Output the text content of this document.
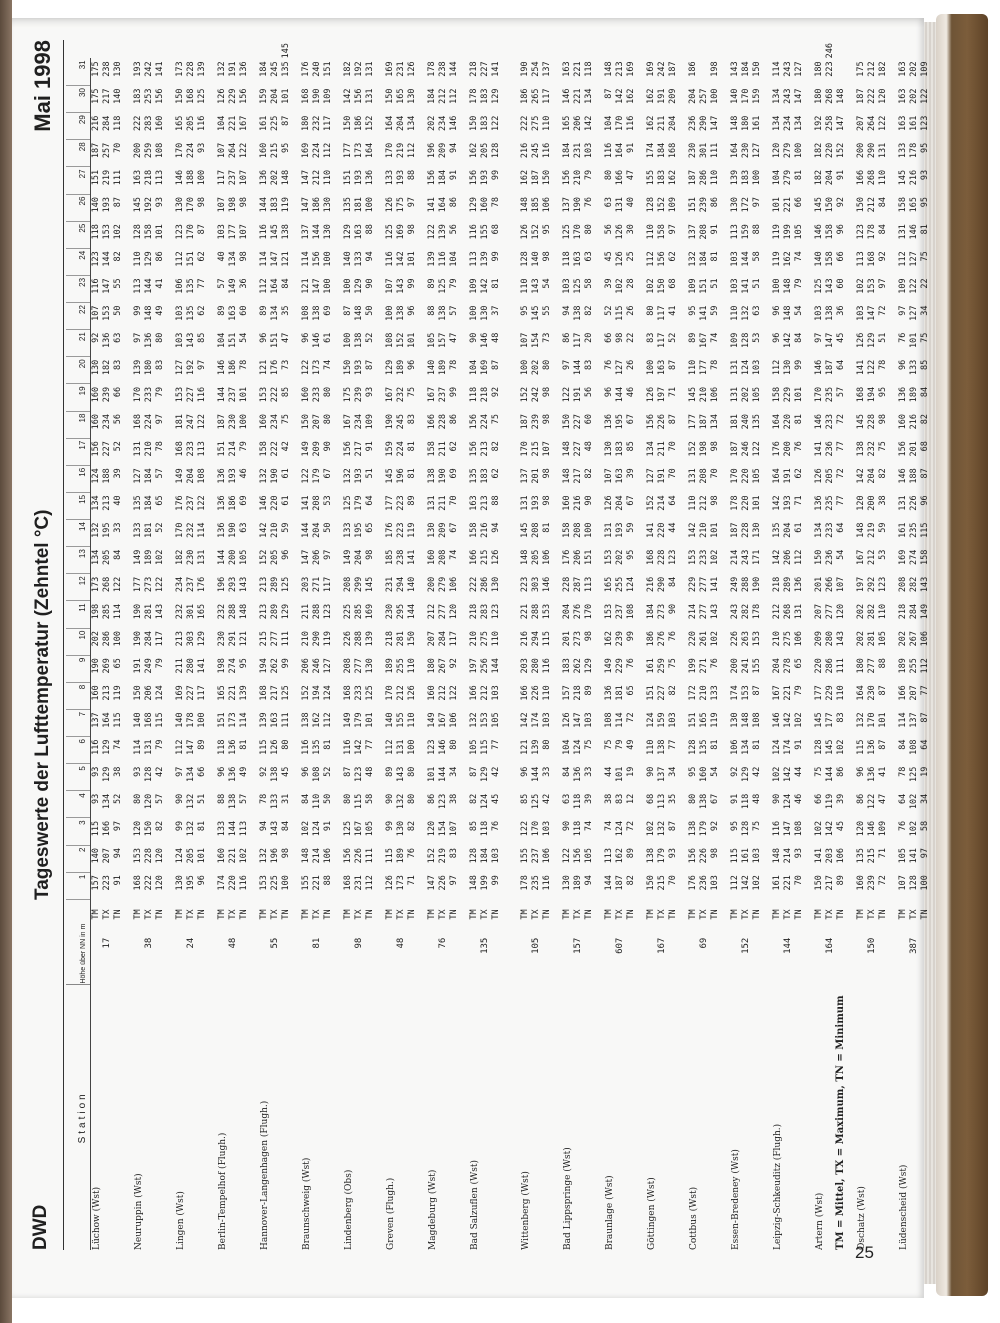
DWD
Tageswerte der Lufttemperatur (Zehntel °C)
Mai 1998
Station	Höhe über NN in m		1	2	3	4	5	6	7	8	9	10	11	12	13	14	15	16	17	18	19	20	21	22	23	24	25	26	27	28	29	30	31	
Lüchow (Wst)	17	TM	157	140	115	93	93	116	137	160	190	202	198	173	134	132	134	124	156	160	160	130	92	107	116	123	118	140	151	187	216	175	175	
		TX	223	207	166	134	129	129	164	213	269	286	285	268	205	195	213	188	227	234	239	182	136	153	147	144	153	193	219	257	284	217	238	
		TN	91	94	97	52	38	74	115	119	65	100	114	122	84	33	40	39	52	56	66	83	63	50	55	82	102	87	111	70	118	140	130	

Neuruppin (Wst)	38	TM	168	153	120	80	93	114	140	150	191	190	190	177	149	133	135	127	131	168	170	139	97	99	113	110	128	145	163	200	222	183	193	
		TX	222	228	150	120	128	131	168	206	249	284	281	273	189	181	184	184	210	224	233	180	136	148	144	129	158	192	218	259	283	253	242	
		TN	120	120	82	57	42	79	115	124	79	117	143	122	102	52	65	57	78	97	79	83	80	49	41	86	101	93	113	108	160	156	141	

Lingen (Wst)	24	TM	130	124	99	90	97	112	140	169	211	213	232	234	182	170	176	149	168	181	153	127	103	103	106	112	123	130	146	170	165	150	173	
		TX	195	205	132	132	134	147	178	227	280	303	301	237	230	232	237	204	233	247	227	192	143	135	135	151	170	170	188	224	205	168	228	
		TN	96	101	81	51	66	89	100	117	141	129	165	176	131	114	122	108	113	122	116	97	85	62	77	62	87	98	100	93	116	125	139	

Berlin-Tempelhof (Flugh.)	48	TM	174	160	133	88	96	118	151	165	198	230	232	196	144	136	136	136	151	187	144	146	104	89	57	40	103	107	117	107	104	126	132	
		TX	220	221	144	138	136	136	173	221	274	291	288	293	200	190	186	193	214	230	237	186	151	163	149	134	177	198	237	264	221	229	191	
		TN	116	102	113	57	49	81	114	139	95	121	148	143	105	63	69	46	79	100	101	78	54	60	36	98	107	98	107	122	167	156	136	

Hannover-Langenhagen (Flugh.)	55	TM	153	132	94	78	92	115	139	168	194	215	213	213	152	142	146	132	158	160	153	121	96	89	112	114	116	144	136	160	161	159	184	
		TX	225	196	143	133	138	126	163	217	262	277	289	289	205	210	220	190	222	234	222	176	151	134	164	147	145	183	202	215	225	204	245	
		TN	100	98	84	31	45	80	111	125	99	111	129	125	96	59	61	61	42	75	85	73	47	35	84	121	138	119	148	95	87	101	135	145

Braunschweig (Wst)	81	TM	155	148	102	84	96	116	138	152	206	210	211	203	147	144	141	122	149	150	160	122	96	108	121	114	137	147	147	169	180	168	176	
		TX	221	214	124	110	108	135	162	194	246	290	288	271	206	204	208	179	209	207	233	173	146	138	147	156	144	186	212	224	232	190	240	
		TN	88	106	91	50	52	81	112	124	127	119	123	117	97	50	53	67	90	80	80	74	61	69	100	100	130	130	110	112	117	109	151	

Lindenberg (Obs)	98	TM	168	156	125	80	87	116	149	168	208	226	225	208	149	133	125	132	156	167	175	150	100	87	100	140	129	135	151	177	150	142	182	
		TX	231	226	167	115	123	142	179	233	277	288	285	299	204	195	179	193	217	234	239	193	138	148	129	133	163	181	193	173	186	156	192	
		TN	112	111	105	58	48	77	101	125	130	139	169	145	98	65	64	51	91	109	93	87	52	50	90	94	88	100	136	164	152	131	131	

Greven (Flugh.)	48	TM	126	115	99	90	89	112	140	170	189	218	230	231	185	176	177	145	159	190	167	129	108	100	107	116	125	126	133	170	164	150	169	
		TX	173	189	130	132	143	131	155	212	255	281	295	294	238	223	223	196	224	245	232	189	152	138	143	142	169	175	193	219	204	165	231	
		TN	71	76	82	80	80	100	110	126	110	150	144	140	141	119	89	81	81	83	75	96	101	96	99	101	98	97	88	112	134	130	126	

Magdeburg (Wst)	76	TM	147	152	120	86	101	123	149	160	180	207	212	200	160	130	131	138	158	166	167	140	105	88	89	139	122	141	156	196	202	184	178	
		TX	226	219	154	123	144	146	167	212	267	284	277	279	208	209	211	190	211	228	237	189	157	138	125	116	139	164	184	209	234	212	238	
		TN	97	83	107	38	34	80	106	122	92	117	120	106	74	67	70	69	62	86	99	78	47	57	79	104	56	86	91	94	146	112	144	

Bad Salzuflen (Wst)	135	TM	148	128	85	82	87	105	132	166	197	210	218	222	166	158	163	135	156	156	118	104	90	100	109	113	116	129	156	162	150	178	218	
		TX	199	184	118	124	129	115	153	212	256	275	283	286	215	216	213	183	213	224	218	169	146	130	142	139	155	160	193	205	183	183	227	
		TN	99	103	76	45	42	77	105	103	144	110	123	130	126	94	88	62	82	75	92	87	48	37	81	99	68	78	99	128	122	129	141	

Wittenberg (Wst)	105	TM	178	155	122	85	96	121	142	166	203	216	221	223	148	145	131	137	170	187	152	100	107	95	110	128	126	148	162	216	222	186	190	
		TX	235	237	170	125	144	139	174	226	280	294	288	303	205	208	193	201	215	239	242	202	154	145	143	140	152	185	187	245	275	265	254	
		TN	116	106	103	42	33	80	103	110	116	115	153	146	106	81	98	98	107	98	98	80	73	55	54	98	95	106	150	116	110	117	137	

Bad Lippspringe (Wst)	157	TM	130	122	90	63	84	104	126	157	183	201	204	228	176	158	160	148	148	150	122	97	86	94	103	118	125	137	156	184	165	146	163	
		TX	189	156	118	118	136	124	147	218	262	273	276	287	206	208	216	217	227	227	191	144	117	138	125	163	170	190	210	231	206	221	221	
		TN	94	105	74	39	33	75	103	89	129	98	170	113	151	100	90	82	48	60	56	83	20	82	58	63	80	76	79	103	142	134	118	

Braunlage (Wst)	607	TM	144	113	74	38	44	75	108	136	149	162	153	165	153	131	126	107	130	136	96	76	66	52	39	45	56	63	80	116	104	87	148	
		TX	187	162	124	83	101	79	114	181	229	239	237	255	202	193	204	163	183	195	144	127	98	115	102	126	126	131	166	164	170	142	213	
		TN	82	89	72	12	19	49	72	65	76	99	108	124	95	59	67	39	85	67	46	26	22	26	28	25	30	40	47	91	116	162	169	

Göttingen (Wst)	167	TM	150	138	102	68	90	110	124	151	161	186	184	216	168	141	152	127	134	156	126	100	83	80	102	112	110	128	155	174	162	162	169	
		TX	215	179	132	113	137	138	159	227	259	276	273	290	228	220	214	191	211	226	197	163	117	117	150	156	158	152	183	184	211	191	242	
		TN	70	93	87	35	34	77	103	82	75	76	90	84	123	44	64	70	70	87	71	87	52	41	68	62	97	109	162	168	204	209	187	

Cottbus (Wst)	69	TM	176	156	138	80	95	128	151	172	199	220	214	229	153	142	110	131	152	177	145	110	89	95	109	132	137	151	187	230	236	204	186	
		TX	236	226	179	138	160	135	165	210	271	261	277	277	233	210	212	208	198	187	210	177	167	141	151	184	208	239	286	301	290	257		
		TN	103	98	92	67	54	81	119	133	76	102	143	141	102	101	98	70	98	134	106	78	74	59	51	81	91	86	110	111	147	100	198	

Essen-Bredeney (Wst)	152	TM	112	115	95	91	92	106	130	174	200	226	243	249	214	187	178	170	187	181	131	131	109	110	103	103	113	130	139	164	148	140	143	
		TX	142	161	128	118	129	134	148	153	241	263	282	288	243	228	220	220	246	240	202	124	128	132	141	144	159	172	183	230	180	170	184	
		TN	102	103	75	48	42	81	108	87	155	153	178	190	171	130	101	105	122	135	105	103	53	63	51	58	88	97	100	127	161	159	150	

Leipzig-Schkeuditz (Flugh.)	144	TM	161	148	116	90	102	124	146	167	204	210	212	218	142	135	142	164	176	164	158	112	96	96	100	119	119	101	104	120	134	134	114	
		TX	221	214	147	124	142	174	142	221	278	275	268	289	206	204	193	191	200	220	229	130	142	148	148	162	199	221	279	279	234	243	243	
		TN	70	93	108	46	44	91	102	79	65	106	131	136	112	61	71	62	76	81	101	99	84	54	79	74	105	66	81	100	134	147	127	

Artern (Wst)	164	TM	150	141	102	66	75	128	145	177	220	209	207	201	150	134	136	126	141	146	170	146	97	103	125	140	146	145	182	182	192	180	180	
		TX	217	203	142	119	144	145	177	229	286	280	277	266	236	233	235	205	236	233	235	187	147	138	143	158	158	150	204	220	258	268	223	246
		TN	89	106	45	39	86	102	83	110	111	143	120	107	54	64	77	72	77	72	57	64	45	36	60	66	96	92	91	152	147	148		

Oschatz (Wst)	150	TM	160	135	120	86	96	115	132	164	180	202	202	197	167	148	120	142	138	145	168	141	126	103	102	113	123	150	166	200	207	187	175	
		TX	239	215	146	122	136	136	170	230	277	281	282	292	212	219	200	204	232	228	194	122	129	147	153	168	178	212	268	290	264	222	212	
		TN	72	71	109	47	41	87	101	87	88	105	110	123	53	59	38	82	75	98	95	78	51	72	97	92	84	84	110	131	122	120	182	

Lüdenscheid (Wst)	387	TM	107	105	76	64	78	84	114	166	189	202	218	208	169	161	131	146	156	160	136	96	76	97	109	112	131	158	145	133	163	163	163	
		TX	128	141	102	102	125	108	137	207	255	267	284	282	274	235	226	188	201	216	189	133	101	127	122	127	146	165	216	178	161	202	202	
		TN	100	97	58	34	19	64	87	77	112	106	149	143	158	115	96	87	68	82	84	85	75	34	22	75	81	95	93	95	123	122	109	
TM = Mittel, TX = Maximum, TN = Minimum
25
